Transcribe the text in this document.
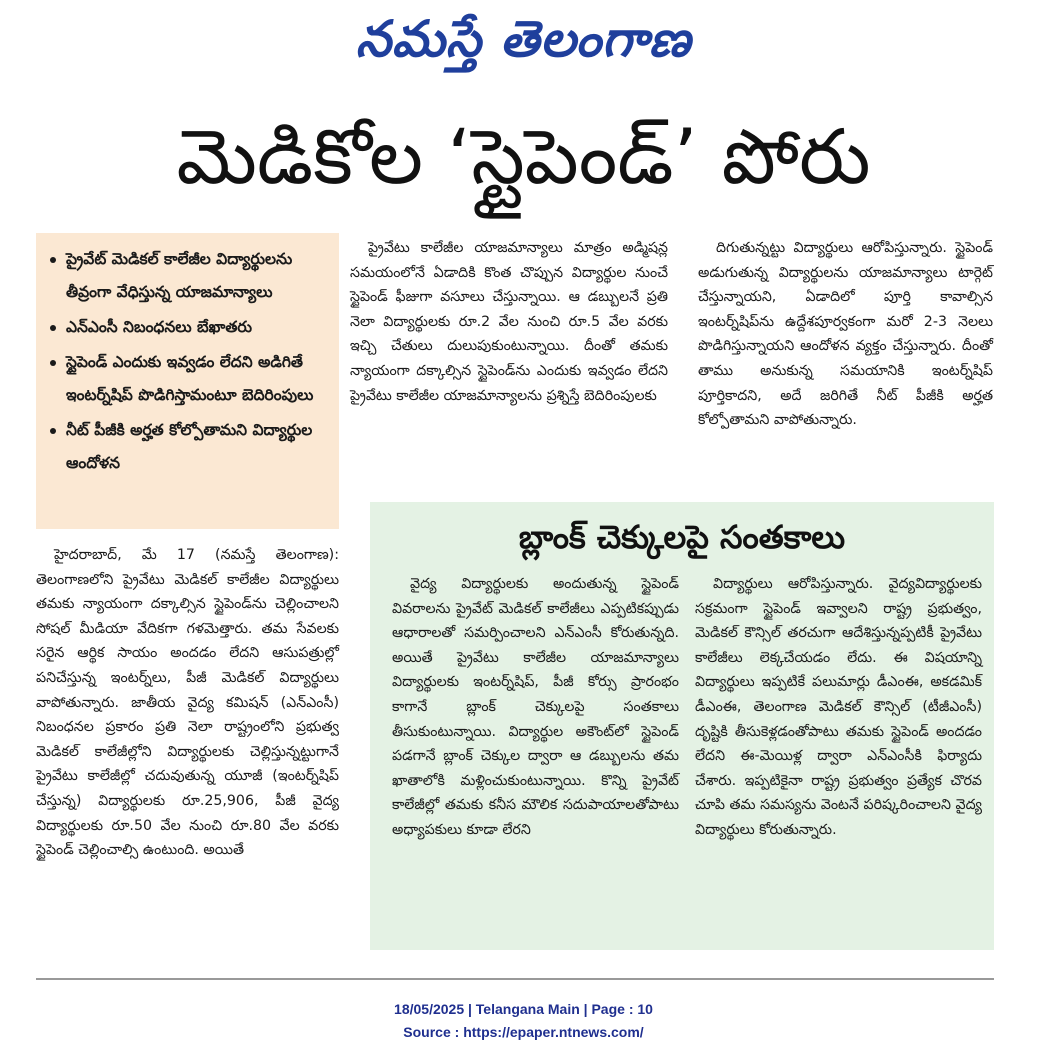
నమస్తే తెలంగాణ
మెడికోల ‘స్టైపెండ్’ పోరు
ప్రైవేట్ మెడికల్ కాలేజీల విద్యార్థులను తీవ్రంగా వేధిస్తున్న యాజమాన్యాలు
ఎన్ఎంసీ నిబంధనలు బేఖాతరు
స్టైపెండ్ ఎందుకు ఇవ్వడం లేదని అడిగితే ఇంటర్న్‌షిప్ పొడిగిస్తామంటూ బెదిరింపులు
నీట్ పీజీకి అర్హత కోల్పోతామని విద్యార్థుల ఆందోళన

హైదరాబాద్, మే 17 (నమస్తే తెలంగాణ): తెలంగాణలోని ప్రైవేటు మెడికల్ కాలేజీల విద్యార్థులు తమకు న్యాయంగా దక్కాల్సిన స్టైపెండ్‌ను చెల్లించాలని సోషల్ మీడియా వేదికగా గళమెత్తారు. తమ సేవలకు సరైన ఆర్థిక సాయం అందడం లేదని ఆసుపత్రుల్లో పనిచేస్తున్న ఇంటర్న్‌లు, పీజీ మెడికల్ విద్యార్థులు వాపోతున్నారు. జాతీయ వైద్య కమిషన్ (ఎన్ఎంసీ) నిబంధనల ప్రకారం ప్రతి నెలా రాష్ట్రంలోని ప్రభుత్వ మెడికల్ కాలేజీల్లోని విద్యార్థులకు చెల్లిస్తున్నట్టుగానే ప్రైవేటు కాలేజీల్లో చదువుతున్న యూజీ (ఇంటర్న్‌షిప్ చేస్తున్న) విద్యార్థులకు రూ.25,906, పీజీ వైద్య విద్యార్థులకు రూ.50 వేల నుంచి రూ.80 వేల వరకు స్టైపెండ్ చెల్లించాల్సి ఉంటుంది. అయితే

ప్రైవేటు కాలేజీల యాజమాన్యాలు మాత్రం అడ్మిషన్ల సమయంలోనే ఏడాదికి కొంత చొప్పున విద్యార్థుల నుంచే స్టైపెండ్ ఫీజుగా వసూలు చేస్తున్నాయి. ఆ డబ్బులనే ప్రతి నెలా విద్యార్థులకు రూ.2 వేల నుంచి రూ.5 వేల వరకు ఇచ్చి చేతులు దులుపుకుంటున్నాయి. దీంతో తమకు న్యాయంగా దక్కాల్సిన స్టైపెండ్‌ను ఎందుకు ఇవ్వడం లేదని ప్రైవేటు కాలేజీల యాజమాన్యాలను ప్రశ్నిస్తే బెదిరింపులకు

దిగుతున్నట్టు విద్యార్థులు ఆరోపిస్తున్నారు. స్టైపెండ్ అడుగుతున్న విద్యార్థులను యాజమాన్యాలు టార్గెట్ చేస్తున్నాయని, ఏడాదిలో పూర్తి కావాల్సిన ఇంటర్న్‌షిప్‌ను ఉద్దేశపూర్వకంగా మరో 2-3 నెలలు పొడిగిస్తున్నాయని ఆందోళన వ్యక్తం చేస్తున్నారు. దీంతో తాము అనుకున్న సమయానికి ఇంటర్న్‌షిప్ పూర్తికాదని, అదే జరిగితే నీట్ పీజీకి అర్హత కోల్పోతామని వాపోతున్నారు.

బ్లాంక్ చెక్కులపై సంతకాలు

వైద్య విద్యార్థులకు అందుతున్న స్టైపెండ్ వివరాలను ప్రైవేట్ మెడికల్ కాలేజీలు ఎప్పటికప్పుడు ఆధారాలతో సమర్పించాలని ఎన్ఎంసీ కోరుతున్నది. అయితే ప్రైవేటు కాలేజీల యాజమాన్యాలు విద్యార్థులకు ఇంటర్న్‌షిప్, పీజీ కోర్సు ప్రారంభం కాగానే బ్లాంక్ చెక్కులపై సంతకాలు తీసుకుంటున్నాయి. విద్యార్థుల అకౌంట్‌లో స్టైపెండ్ పడగానే బ్లాంక్ చెక్కుల ద్వారా ఆ డబ్బులను తమ ఖాతాలోకి మళ్లించుకుంటున్నాయి. కొన్ని ప్రైవేట్ కాలేజీల్లో తమకు కనీస మౌలిక సదుపాయాలతోపాటు అధ్యాపకులు కూడా లేరని

విద్యార్థులు ఆరోపిస్తున్నారు. వైద్యవిద్యార్థులకు సక్రమంగా స్టైపెండ్ ఇవ్వాలని రాష్ట్ర ప్రభుత్వం, మెడికల్ కౌన్సిల్ తరచుగా ఆదేశిస్తున్నప్పటికీ ప్రైవేటు కాలేజీలు లెక్కచేయడం లేదు. ఈ విషయాన్ని విద్యార్థులు ఇప్పటికే పలుమార్లు డీఎంఈ, అకడమిక్ డీఎంఈ, తెలంగాణ మెడికల్ కౌన్సిల్ (టీజీఎంసీ) దృష్టికి తీసుకెళ్లడంతోపాటు తమకు స్టైపెండ్ అందడం లేదని ఈ-మెయిళ్ల ద్వారా ఎన్ఎంసీకి ఫిర్యాదు చేశారు. ఇప్పటికైనా రాష్ట్ర ప్రభుత్వం ప్రత్యేక చొరవ చూపి తమ సమస్యను వెంటనే పరిష్కరించాలని వైద్య విద్యార్థులు కోరుతున్నారు.

18/05/2025 | Telangana Main | Page : 10
Source : https://epaper.ntnews.com/
